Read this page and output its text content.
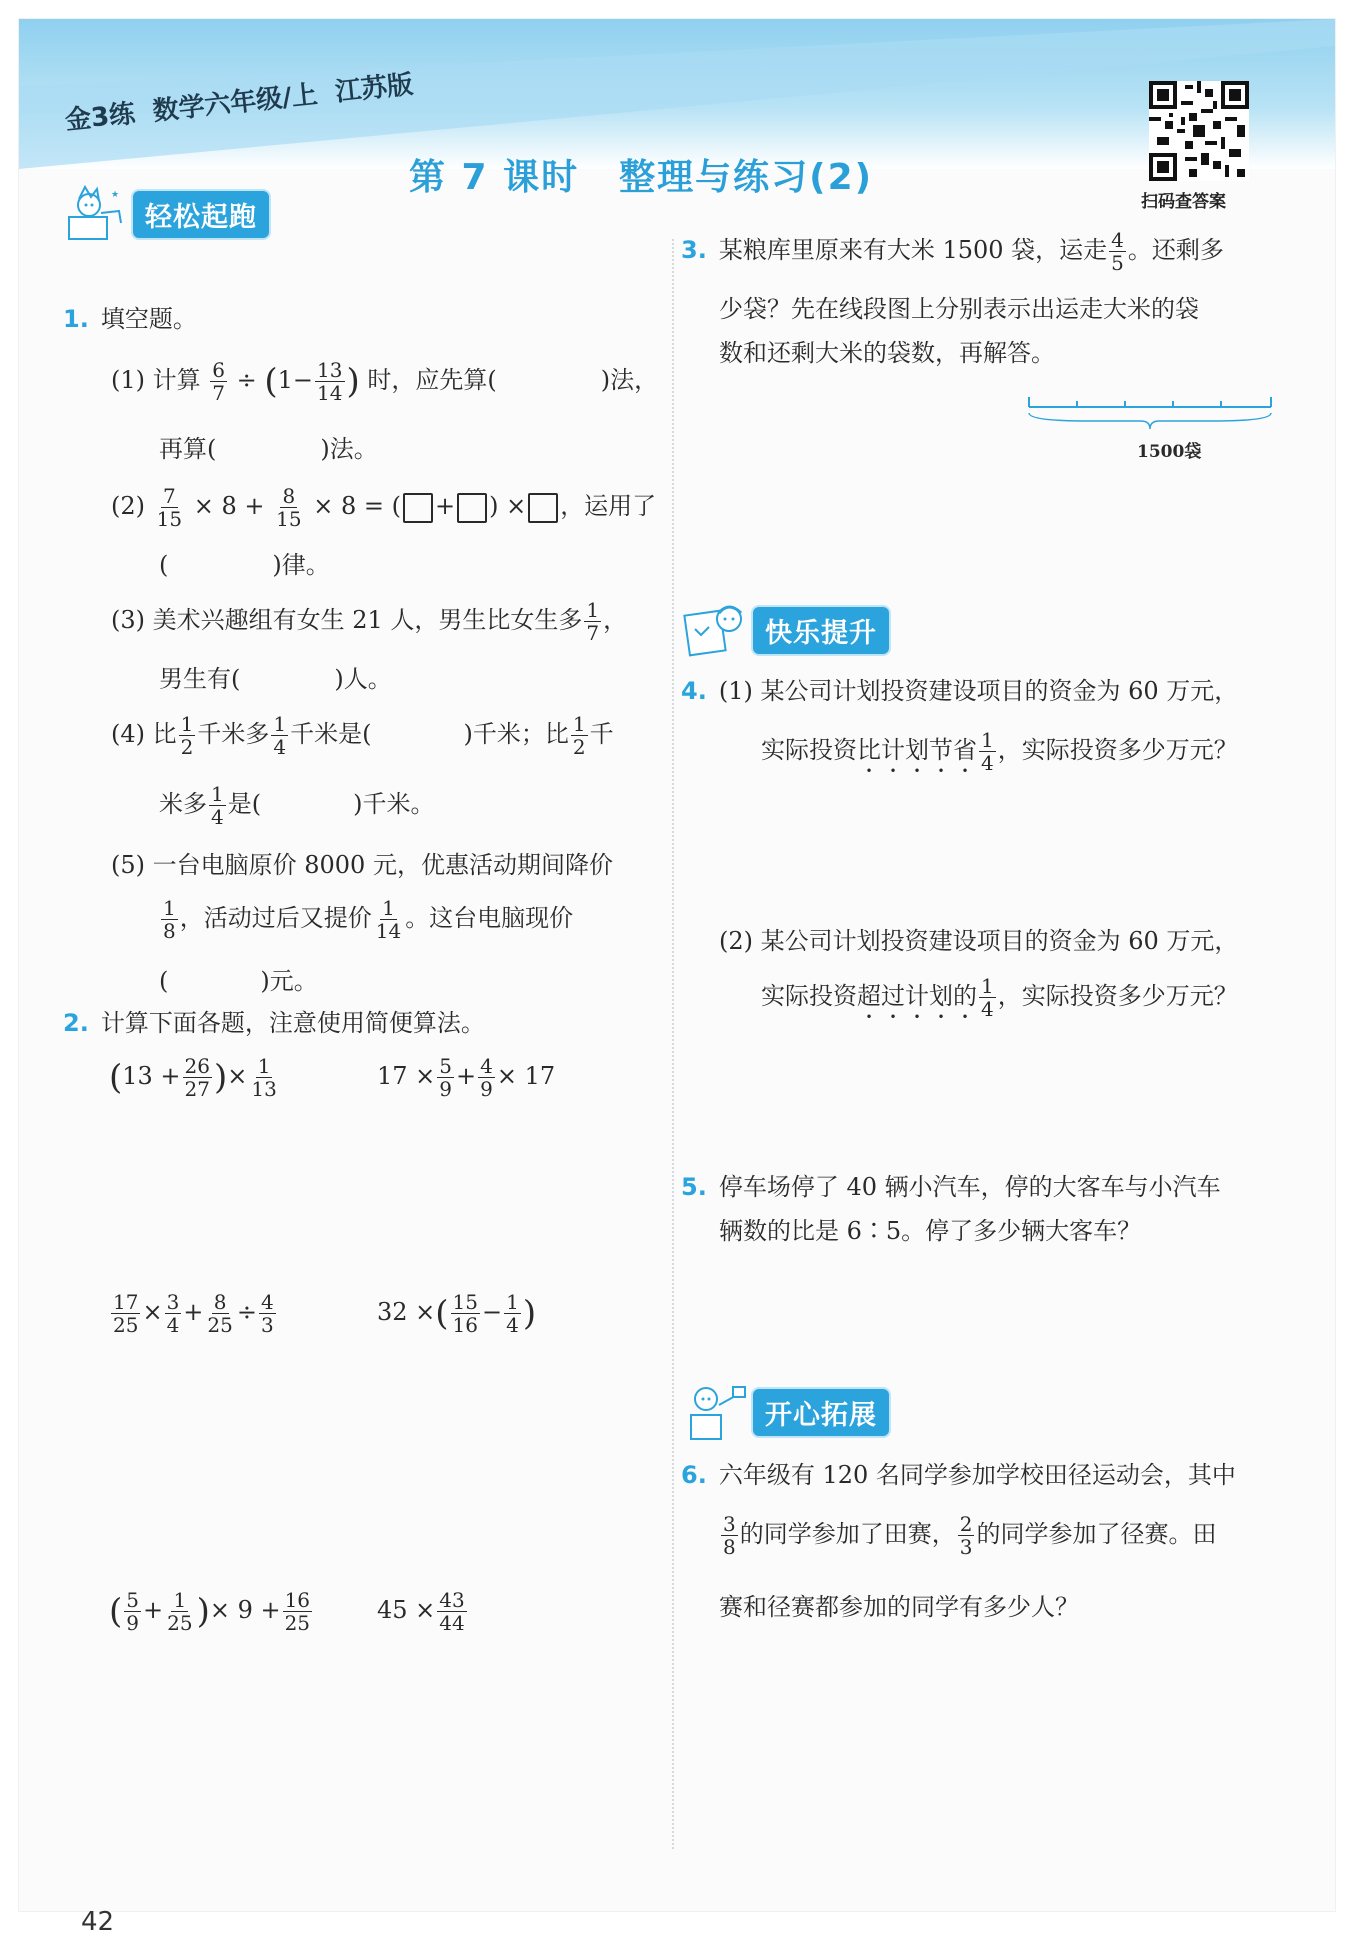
金3练 数学六年级/上 江苏版
第 7 课时 整理与练习(2)
扫码查答案
★
轻松起跑
1. 填空题。
(1) 计算 $\frac{6}{7} \div (1- \frac{13}{14}$ ) 时，应先算(	)法，
再算(	)法。
$(2) \frac{7}{15} \times 8 + \frac{8}{15} \times 8$ = ( + ) × ，运用了
(	)律。
(3) 美术兴趣组有女生 21 人，男生比女生多 $\frac{1}{7}$ ，
男生有(	)人。
(4) 比 $\frac{1}{2}$ 千米多 $\frac{1}{4}$ 千米是(	)千米；比 $\frac{1}{2}$ 千
米多 $\frac{1}{4}$ 是(	)千米。
(5) 一台电脑原价 8000 元，优惠活动期间降价
$\frac{1}{8}$ ，活动过后又提价 $\frac{1}{14}$ 。这台电脑现价
(	)元。
2. 计算下面各题，注意使用简便算法。
($13 + \frac{26}{27}$ )× $\frac{1}{13}$	$17 \times \frac{5}{9} + \frac{4}{9} \times 17$
$\frac{17}{25} \times \frac{3}{4} + \frac{8}{25} \div \frac{4}{3}$	32 ×( $\frac{15}{16} - \frac{1}{4}$ )
( $\frac{5}{9} + \frac{1}{25}$ )× $9 + \frac{16}{25}$	$45 \times \frac{43}{44}$
3. 某粮库里原来有大米 1500 袋，运走 $\frac{4}{5}$ 。还剩多
少袋？先在线段图上分别表示出运走大米的袋
数和还剩大米的袋数，再解答。
1500袋
快乐提升
4. (1) 某公司计划投资建设项目的资金为 60 万元，
实际投资比计划节省 $\frac{1}{4}$ ，实际投资多少万元？
(2) 某公司计划投资建设项目的资金为 60 万元，
实际投资超过计划的 $\frac{1}{4}$ ，实际投资多少万元？
5. 停车场停了 40 辆小汽车，停的大客车与小汽车
辆数的比是 6∶5。停了多少辆大客车？
开心拓展
6. 六年级有 120 名同学参加学校田径运动会，其中
$\frac{3}{8}$ 的同学参加了田赛， $\frac{2}{3}$ 的同学参加了径赛。田
赛和径赛都参加的同学有多少人？
42
